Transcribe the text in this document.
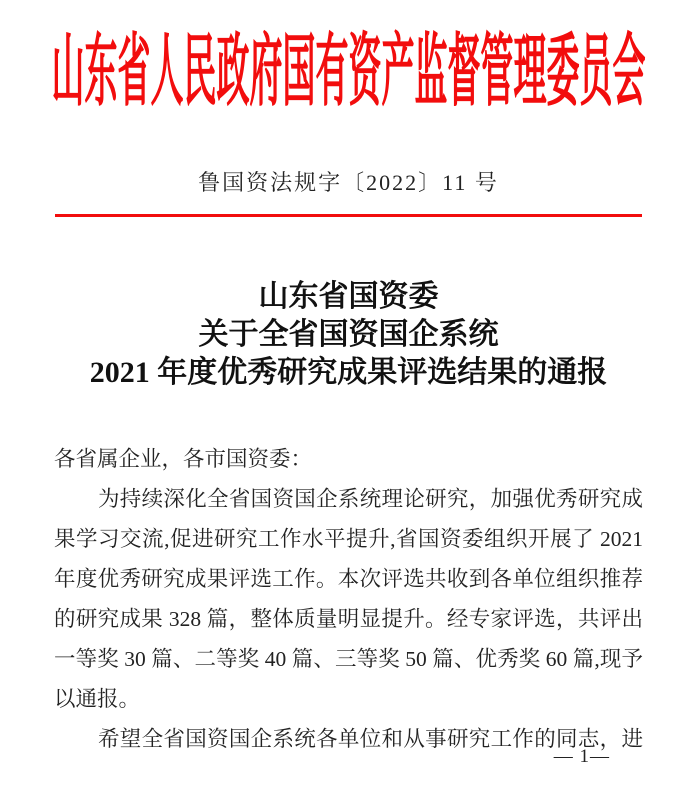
山东省人民政府国有资产监督管理委员会
鲁国资法规字〔2022〕11 号
山东省国资委
关于全省国资国企系统
2021 年度优秀研究成果评选结果的通报
各省属企业，各市国资委：
为持续深化全省国资国企系统理论研究，加强优秀研究成
果学习交流,促进研究工作水平提升,省国资委组织开展了 2021
年度优秀研究成果评选工作。本次评选共收到各单位组织推荐
的研究成果 328 篇，整体质量明显提升。经专家评选，共评出
一等奖 30 篇、二等奖 40 篇、三等奖 50 篇、优秀奖 60 篇,现予
以通报。
希望全省国资国企系统各单位和从事研究工作的同志，进
— 1—
